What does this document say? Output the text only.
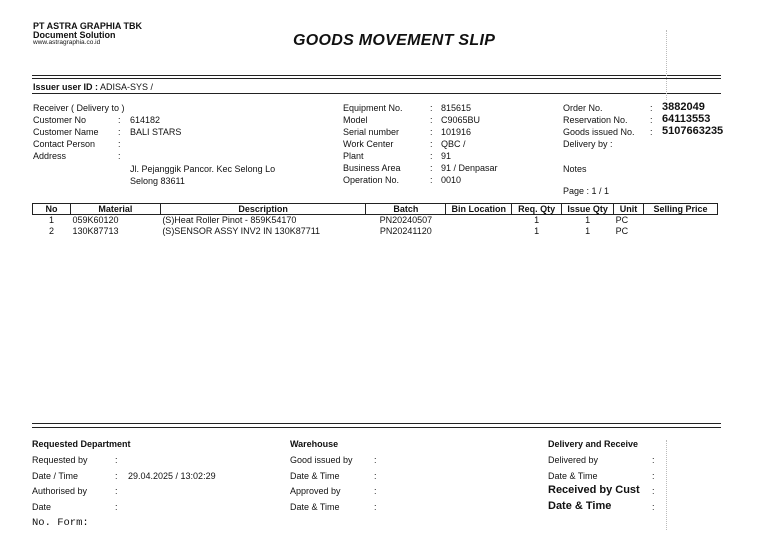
PT ASTRA GRAPHIA TBK
Document Solution
www.astragraphia.co.id	GOODS MOVEMENT SLIP
Issuer user ID : ADISA-SYS /
Receiver ( Delivery to )
Customer No	: 614182
Customer Name : BALI STARS
Contact Person	:
Address	:
Jl. Pejanggik Pancor. Kec Selong Lo
Selong 83611
Equipment No.	: 815615
Model	: C9065BU
Serial number	: 101916
Work Center	: QBC /
Plant	: 91
Business Area	: 91 / Denpasar
Operation No.	: 0010
Order No.	: 3882049
Reservation No. : 64113553
Goods issued No. : 5107663235
Delivery by :
Notes
Page : 1 / 1
No	Material	Description	Batch	Bin Location	Req. Qty	Issue Qty	Unit	Selling Price
1	059K60120	(S)Heat Roller Pinot - 859K54170	PN20240507		1	1	PC	
2	130K87713	(S)SENSOR ASSY INV2 IN 130K87711	PN20241120		1	1	PC	
Requested Department
Requested by	:
Date / Time	: 29.04.2025 / 13:02:29
Authorised by	:
Date	:
Warehouse
Good issued by :
Date & Time	:
Approved by	:
Date & Time	:
Delivery and Receive
Delivered by	:
Date & Time	:
Received by Cust :
Date & Time	:
No. Form:
